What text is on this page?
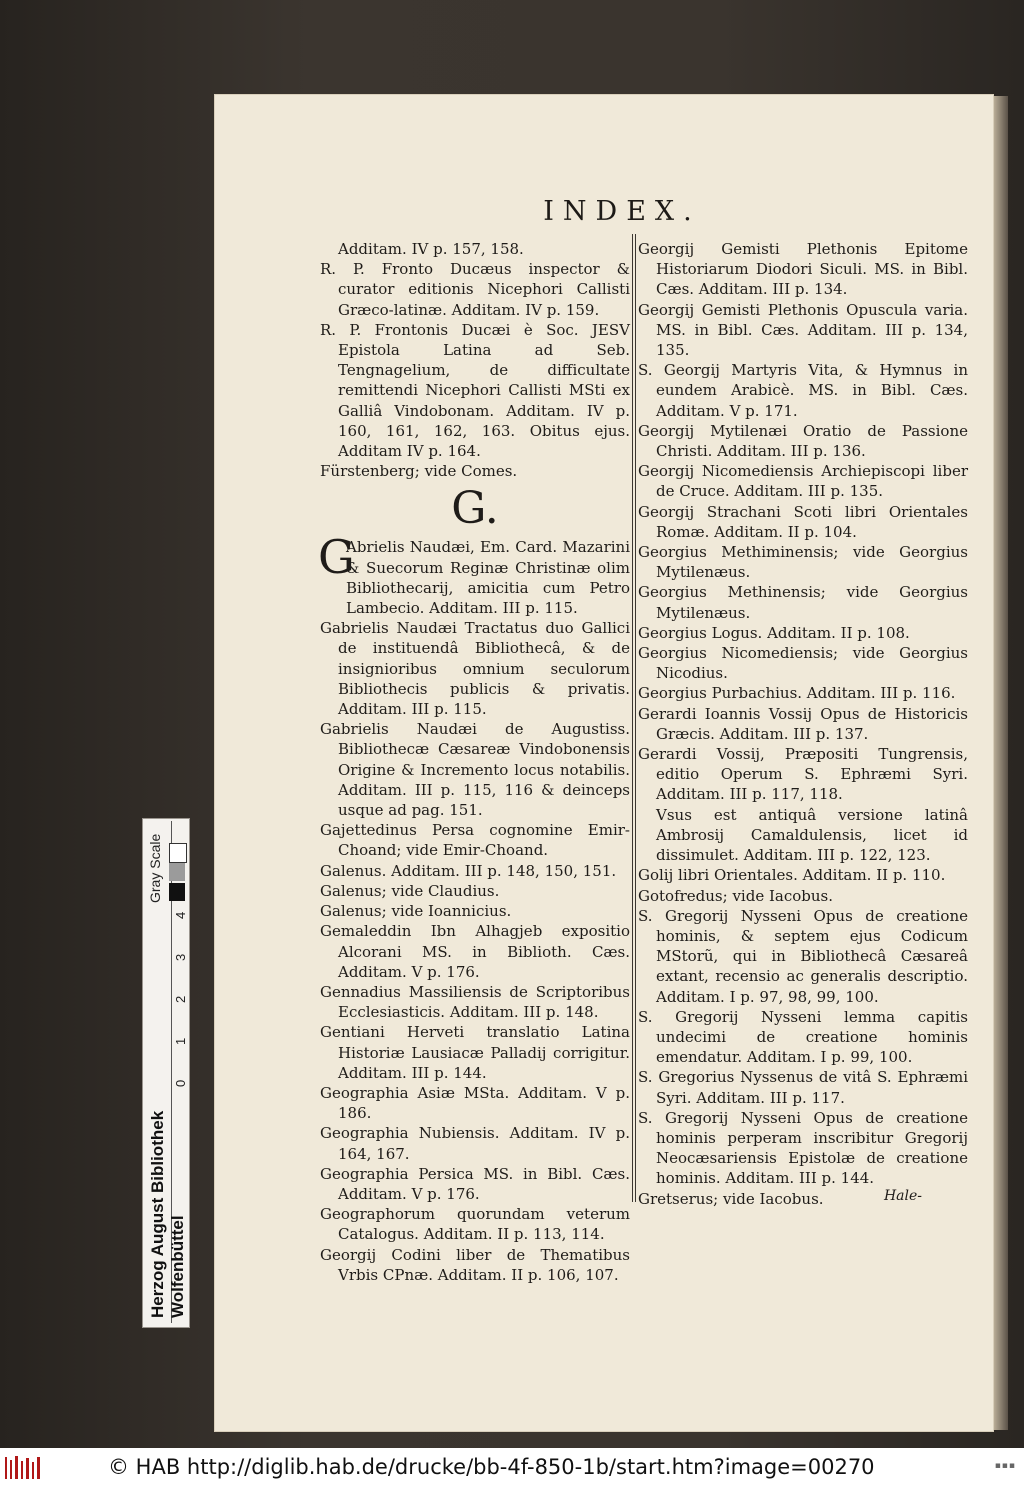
INDEX.

Additam. IV p. 157, 158.

R. P. Fronto Ducæus inspector & curator editionis Nicephori Callisti Græco-latinæ. Additam. IV p. 159.

R. P. Frontonis Ducæi è Soc. JESV Epistola Latina ad Seb. Tengnagelium, de difficultate remittendi Nicephori Callisti MSti ex Galliâ Vindobonam. Additam. IV p. 160, 161, 162, 163. Obitus ejus. Additam IV p. 164.

Fürstenberg; vide Comes.

G.

G
Abrielis Naudæi, Em. Card. Mazarini & Suecorum Reginæ Christinæ olim Bibliothecarij, amicitia cum Petro Lambecio. Additam. III p. 115.

Gabrielis Naudæi Tractatus duo Gallici de instituendâ Bibliothecâ, & de insignioribus omnium seculorum Bibliothecis publicis & privatis. Additam. III p. 115.

Gabrielis Naudæi de Augustiss. Bibliothecæ Cæsareæ Vindobonensis Origine & Incremento locus notabilis. Additam. III p. 115, 116 & deinceps usque ad pag. 151.

Gajettedinus Persa cognomine Emir-Choand; vide Emir-Choand.

Galenus. Additam. III p. 148, 150, 151.

Galenus; vide Claudius.

Galenus; vide Ioannicius.

Gemaleddin Ibn Alhagjeb expositio Alcorani MS. in Biblioth. Cæs. Additam. V p. 176.

Gennadius Massiliensis de Scriptoribus Ecclesiasticis. Additam. III p. 148.

Gentiani Herveti translatio Latina Historiæ Lausiacæ Palladij corrigitur. Additam. III p. 144.

Geographia Asiæ MSta. Additam. V p. 186.

Geographia Nubiensis. Additam. IV p. 164, 167.

Geographia Persica MS. in Bibl. Cæs. Additam. V p. 176.

Geographorum quorundam veterum Catalogus. Additam. II p. 113, 114.

Georgij Codini liber de Thematibus Vrbis CPnæ. Additam. II p. 106, 107.

Georgij Gemisti Plethonis Epitome Historiarum Diodori Siculi. MS. in Bibl. Cæs. Additam. III p. 134.

Georgij Gemisti Plethonis Opuscula varia. MS. in Bibl. Cæs. Additam. III p. 134, 135.

S. Georgij Martyris Vita, & Hymnus in eundem Arabicè. MS. in Bibl. Cæs. Additam. V p. 171.

Georgij Mytilenæi Oratio de Passione Christi. Additam. III p. 136.

Georgij Nicomediensis Archiepiscopi liber de Cruce. Additam. III p. 135.

Georgij Strachani Scoti libri Orientales Romæ. Additam. II p. 104.

Georgius Methiminensis; vide Georgius Mytilenæus.

Georgius Methinensis; vide Georgius Mytilenæus.

Georgius Logus. Additam. II p. 108.

Georgius Nicomediensis; vide Georgius Nicodius.

Georgius Purbachius. Additam. III p. 116.

Gerardi Ioannis Vossij Opus de Historicis Græcis. Additam. III p. 137.

Gerardi Vossij, Præpositi Tungrensis, editio Operum S. Ephræmi Syri. Additam. III p. 117, 118.

Vsus est antiquâ versione latinâ Ambrosij Camaldulensis, licet id dissimulet. Additam. III p. 122, 123.

Golij libri Orientales. Additam. II p. 110.

Gotofredus; vide Iacobus.

S. Gregorij Nysseni Opus de creatione hominis, & septem ejus Codicum MStorũ, qui in Bibliothecâ Cæsareâ extant, recensio ac generalis descriptio. Additam. I p. 97, 98, 99, 100.

S. Gregorij Nysseni lemma capitis undecimi de creatione hominis emendatur. Additam. I p. 99, 100.

S. Gregorius Nyssenus de vitâ S. Ephræmi Syri. Additam. III p. 117.

S. Gregorij Nysseni Opus de creatione hominis perperam inscribitur Gregorij Neocæsariensis Epistolæ de creatione hominis. Additam. III p. 144.

Gretserus; vide Iacobus.	Hale-
Gray Scale
4
3
2
1
0
Herzog August Bibliothek Wolfenbüttel
© HAB http://diglib.hab.de/drucke/bb-4f-850-1b/start.htm?image=00270	▪▪▪
